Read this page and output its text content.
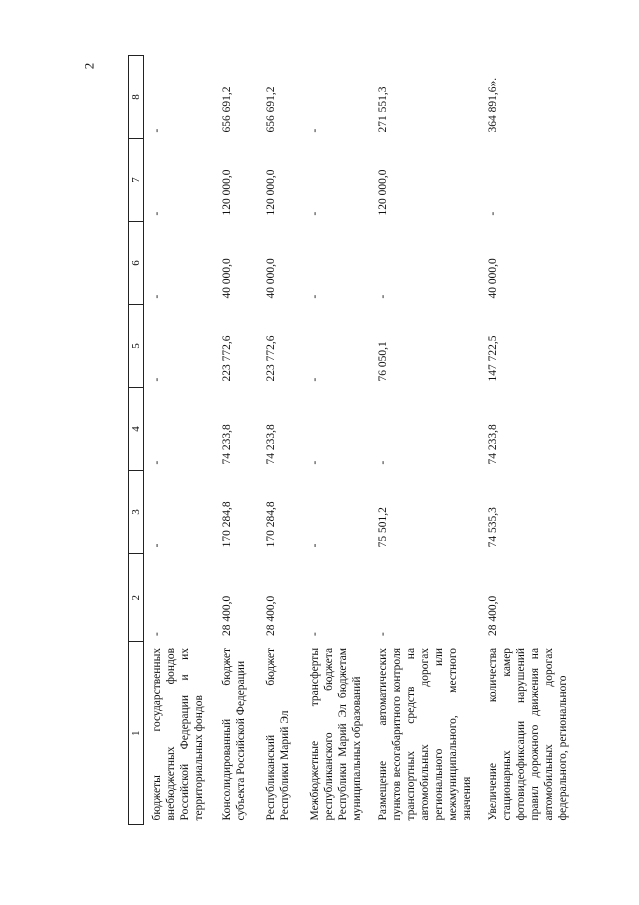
2
1	2	3	4	5	6	7	8
бюджеты государственных внебюджетных фондов Российской Федерации и их территориальных фондов	-	-	-	-	-	-	-
Консолидированный бюджет субъекта Российской Федерации	28 400,0	170 284,8	74 233,8	223 772,6	40 000,0	120 000,0	656 691,2
Республиканский бюджет Республики Марий Эл	28 400,0	170 284,8	74 233,8	223 772,6	40 000,0	120 000,0	656 691,2
Межбюджетные трансферты республиканского бюджета Республики Марий Эл бюджетам муниципальных образований	-	-	-	-	-	-	-
Размещение автоматических пунктов весогабаритного контроля транспортных средств на автомобильных дорогах регионального или межмуниципального, местного значения	-	75 501,2	-	76 050,1	-	120 000,0	271 551,3
Увеличение количества стационарных камер фотовидеофиксации нарушений правил дорожного движения на автомобильных дорогах федерального, регионального	28 400,0	74 535,3	74 233,8	147 722,5	40 000,0	-	364 891,6».
